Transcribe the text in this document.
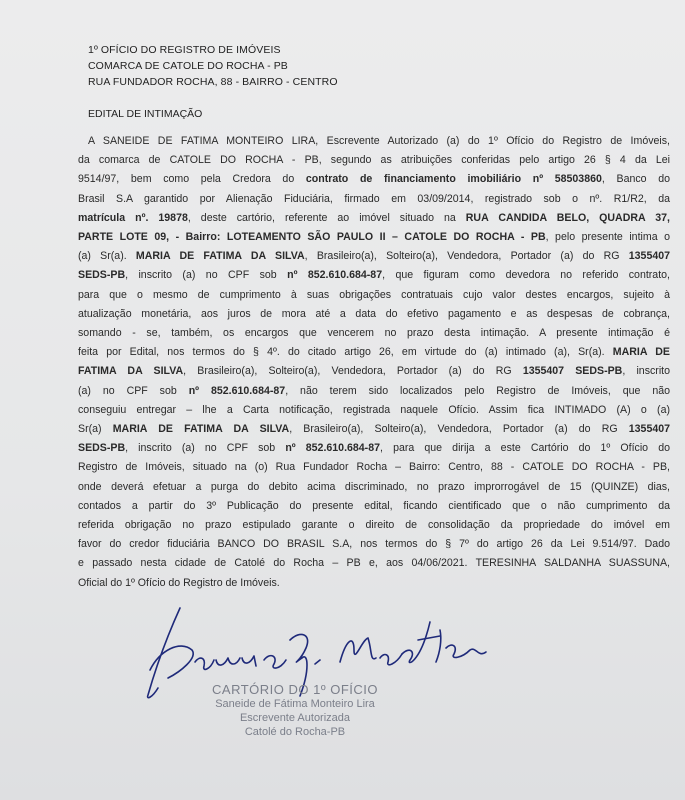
1º OFÍCIO DO REGISTRO DE IMÓVEIS
COMARCA DE CATOLE DO ROCHA - PB
RUA FUNDADOR ROCHA, 88 - BAIRRO - CENTRO
EDITAL DE INTIMAÇÃO
A SANEIDE DE FATIMA MONTEIRO LIRA, Escrevente Autorizado (a) do 1º Ofício do Registro de Imóveis,
da comarca de CATOLE DO ROCHA - PB, segundo as atribuições conferidas pelo artigo 26 § 4 da Lei
9514/97, bem como pela Credora do contrato de financiamento imobiliário nº 58503860, Banco do
Brasil S.A garantido por Alienação Fiduciária, firmado em 03/09/2014, registrado sob o nº. R1/R2, da
matrícula nº. 19878, deste cartório, referente ao imóvel situado na RUA CANDIDA BELO, QUADRA 37,
PARTE LOTE 09, - Bairro: LOTEAMENTO SÃO PAULO II – CATOLE DO ROCHA - PB, pelo presente intima o
(a) Sr(a). MARIA DE FATIMA DA SILVA, Brasileiro(a), Solteiro(a), Vendedora, Portador (a) do RG 1355407
SEDS-PB, inscrito (a) no CPF sob nº 852.610.684-87, que figuram como devedora no referido contrato,
para que o mesmo de cumprimento à suas obrigações contratuais cujo valor destes encargos, sujeito à
atualização monetária, aos juros de mora até a data do efetivo pagamento e as despesas de cobrança,
somando - se, também, os encargos que vencerem no prazo desta intimação. A presente intimação é
feita por Edital, nos termos do § 4º. do citado artigo 26, em virtude do (a) intimado (a), Sr(a). MARIA DE
FATIMA DA SILVA, Brasileiro(a), Solteiro(a), Vendedora, Portador (a) do RG 1355407 SEDS-PB, inscrito
(a) no CPF sob nº 852.610.684-87, não terem sido localizados pelo Registro de Imóveis, que não
conseguiu entregar – lhe a Carta notificação, registrada naquele Ofício. Assim fica INTIMADO (A) o (a)
Sr(a) MARIA DE FATIMA DA SILVA, Brasileiro(a), Solteiro(a), Vendedora, Portador (a) do RG 1355407
SEDS-PB, inscrito (a) no CPF sob nº 852.610.684-87, para que dirija a este Cartório do 1º Ofício do
Registro de Imóveis, situado na (o) Rua Fundador Rocha – Bairro: Centro, 88 - CATOLE DO ROCHA - PB,
onde deverá efetuar a purga do debito acima discriminado, no prazo improrrogável de 15 (QUINZE) dias,
contados a partir do 3º Publicação do presente edital, ficando cientificado que o não cumprimento da
referida obrigação no prazo estipulado garante o direito de consolidação da propriedade do imóvel em
favor do credor fiduciária BANCO DO BRASIL S.A, nos termos do § 7º do artigo 26 da Lei 9.514/97. Dado
e passado nesta cidade de Catolé do Rocha – PB e, aos 04/06/2021. TERESINHA SALDANHA SUASSUNA,
Oficial do 1º Ofício do Registro de Imóveis.
CARTÓRIO DO 1º OFÍCIO
Saneide de Fátima Monteiro Lira
Escrevente Autorizada
Catolé do Rocha-PB
